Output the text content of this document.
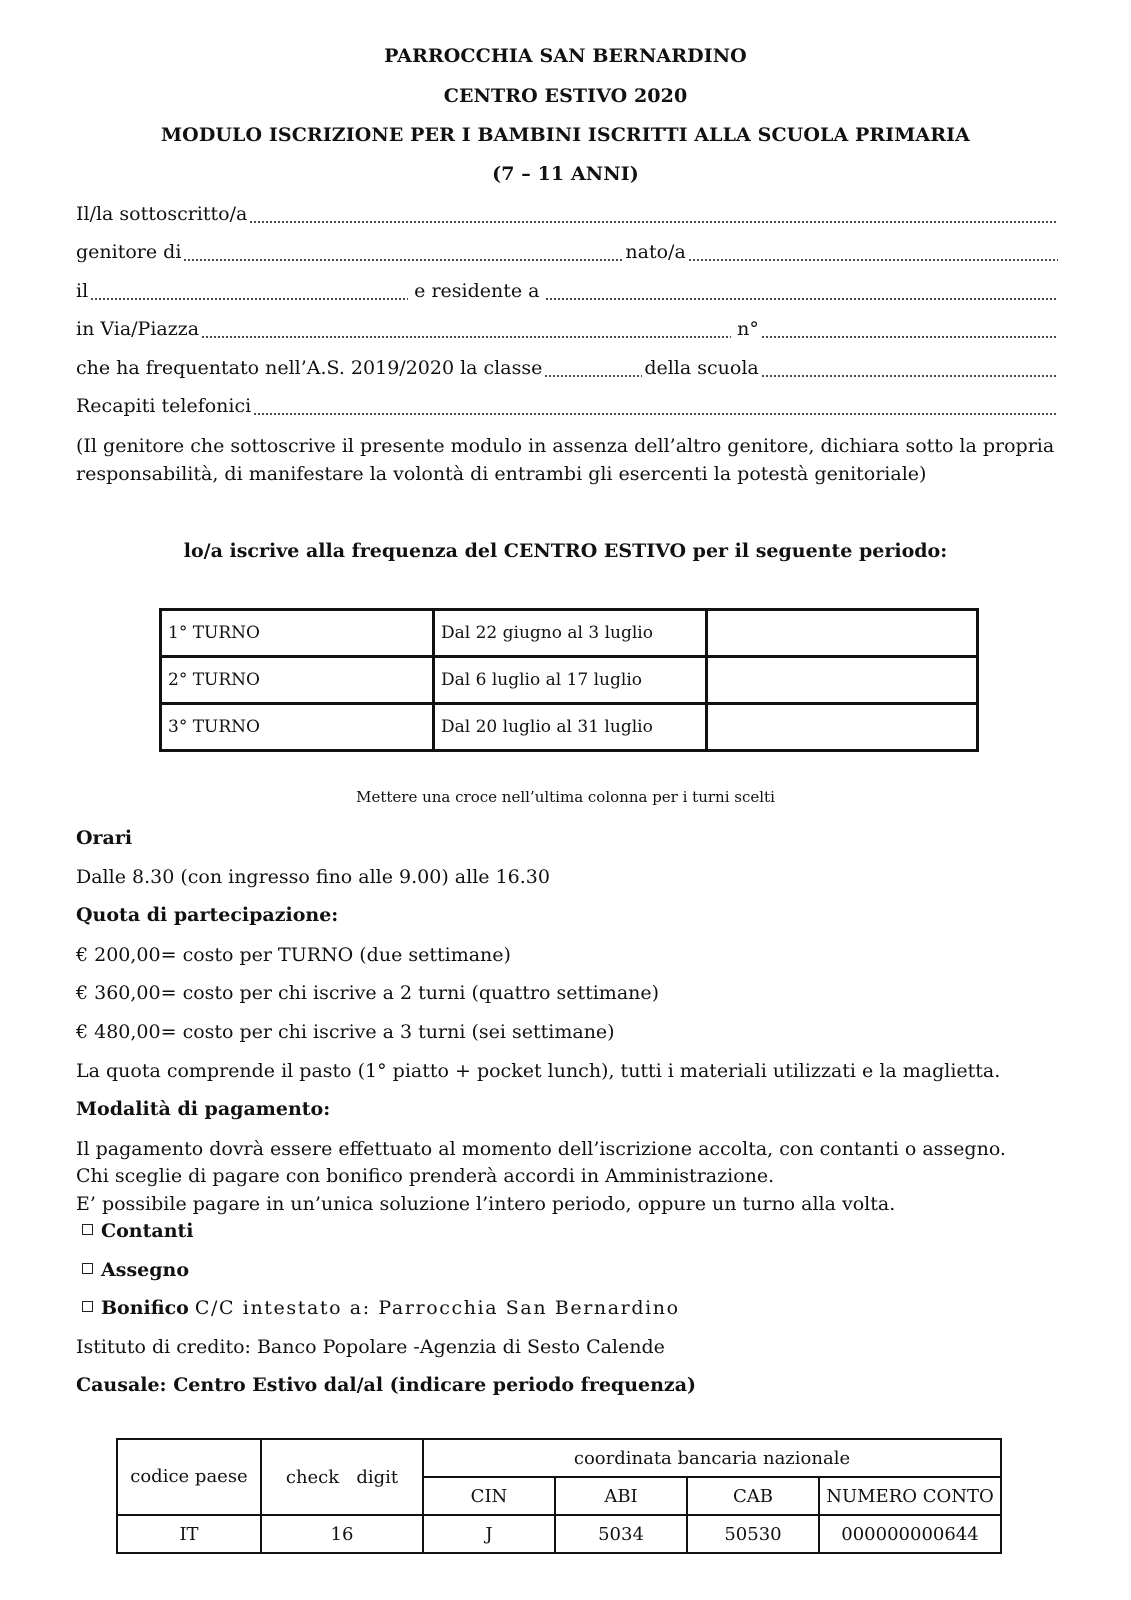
PARROCCHIA SAN BERNARDINO
CENTRO ESTIVO 2020
MODULO ISCRIZIONE PER I BAMBINI ISCRITTI ALLA SCUOLA PRIMARIA
(7 – 11 ANNI)
Il/la sottoscritto/a
genitore di	nato/a
il	e residente a
in Via/Piazza	n°
che ha frequentato nell’A.S. 2019/2020 la classe	della scuola
Recapiti telefonici
(Il genitore che sottoscrive il presente modulo in assenza dell’altro genitore, dichiara sotto la propria responsabilità, di manifestare la volontà di entrambi gli esercenti la potestà genitoriale)
lo/a iscrive alla frequenza del CENTRO ESTIVO per il seguente periodo:
1° TURNO	Dal 22 giugno al 3 luglio	
2° TURNO	Dal 6 luglio al 17 luglio	
3° TURNO	Dal 20 luglio al 31 luglio	
Mettere una croce nell’ultima colonna per i turni scelti
Orari
Dalle 8.30 (con ingresso fino alle 9.00) alle 16.30
Quota di partecipazione:
€ 200,00= costo per TURNO (due settimane)
€ 360,00= costo per chi iscrive a 2 turni (quattro settimane)
€ 480,00= costo per chi iscrive a 3 turni (sei settimane)
La quota comprende il pasto (1° piatto + pocket lunch), tutti i materiali utilizzati e la maglietta.
Modalità di pagamento:
Il pagamento dovrà essere effettuato al momento dell’iscrizione accolta, con contanti o assegno.
Chi sceglie di pagare con bonifico prenderà accordi in Amministrazione.
E’ possibile pagare in un’unica soluzione l’intero periodo, oppure un turno alla volta.
Contanti
Assegno
Bonifico C/C intestato a: Parrocchia San Bernardino
Istituto di credito: Banco Popolare -Agenzia di Sesto Calende
Causale: Centro Estivo dal/al (indicare periodo frequenza)
codice paese	check   digit	coordinata bancaria nazionale			
		CIN	ABI	CAB	NUMERO CONTO
IT	16	J	5034	50530	000000000644
